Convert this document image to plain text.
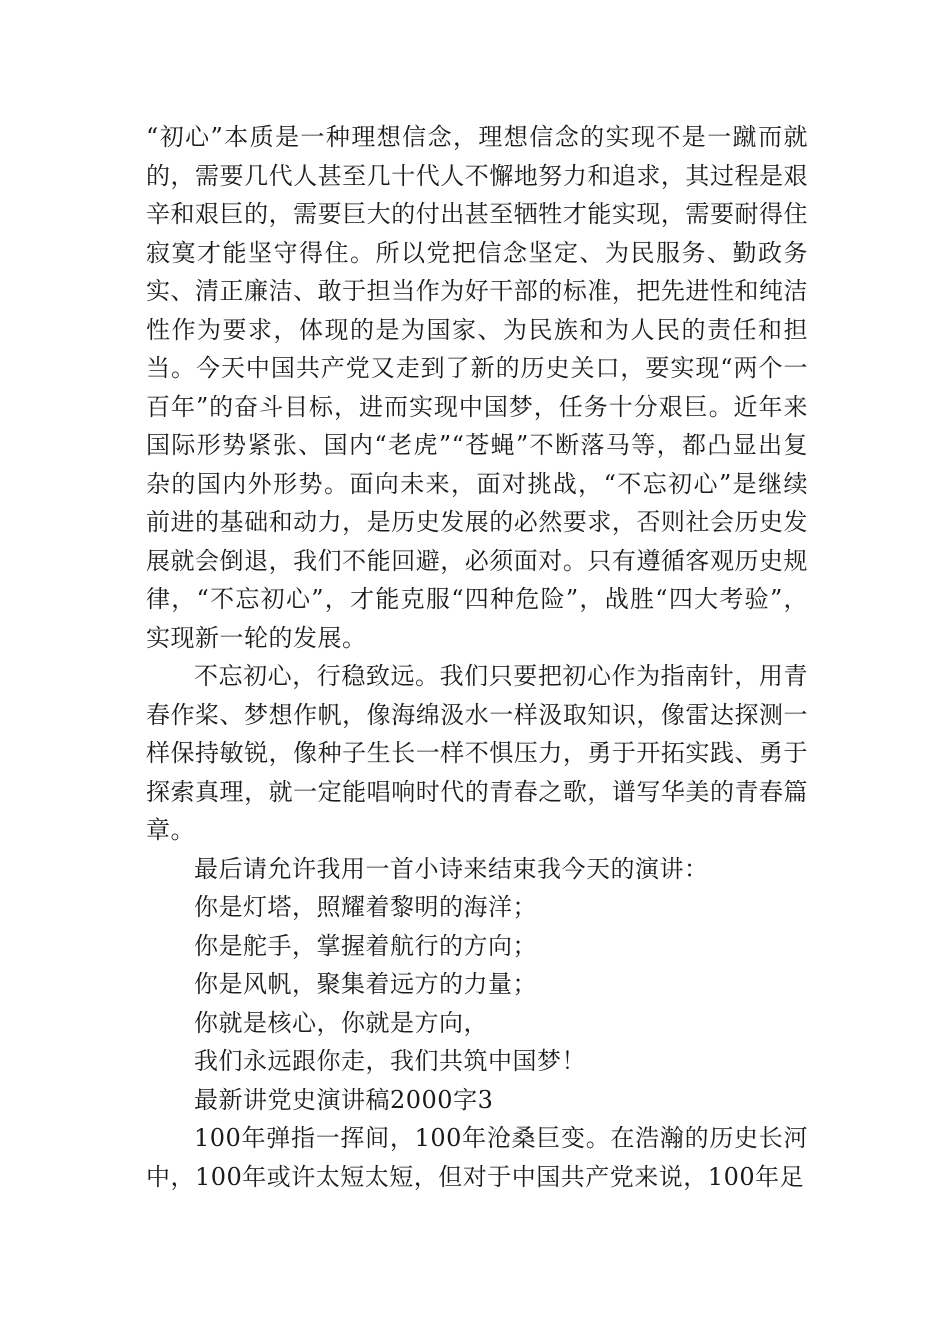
“初心”本质是一种理想信念，理想信念的实现不是一蹴而就的，需要几代人甚至几十代人不懈地努力和追求，其过程是艰辛和艰巨的，需要巨大的付出甚至牺牲才能实现，需要耐得住寂寞才能坚守得住。所以党把信念坚定、为民服务、勤政务实、清正廉洁、敢于担当作为好干部的标准，把先进性和纯洁性作为要求，体现的是为国家、为民族和为人民的责任和担当。今天中国共产党又走到了新的历史关口，要实现“两个一百年”的奋斗目标，进而实现中国梦，任务十分艰巨。近年来国际形势紧张、国内“老虎”“苍蝇”不断落马等，都凸显出复杂的国内外形势。面向未来，面对挑战，“不忘初心”是继续前进的基础和动力，是历史发展的必然要求，否则社会历史发展就会倒退，我们不能回避，必须面对。只有遵循客观历史规律，“不忘初心”，才能克服“四种危险”，战胜“四大考验”，实现新一轮的发展。

不忘初心，行稳致远。我们只要把初心作为指南针，用青春作桨、梦想作帆，像海绵汲水一样汲取知识，像雷达探测一样保持敏锐，像种子生长一样不惧压力，勇于开拓实践、勇于探索真理，就一定能唱响时代的青春之歌，谱写华美的青春篇章。

最后请允许我用一首小诗来结束我今天的演讲：

你是灯塔，照耀着黎明的海洋；

你是舵手，掌握着航行的方向；

你是风帆，聚集着远方的力量；

你就是核心，你就是方向，

我们永远跟你走，我们共筑中国梦！

最新讲党史演讲稿2000字3

100年弹指一挥间，100年沧桑巨变。在浩瀚的历史长河中，100年或许太短太短，但对于中国共产党来说，100年足
